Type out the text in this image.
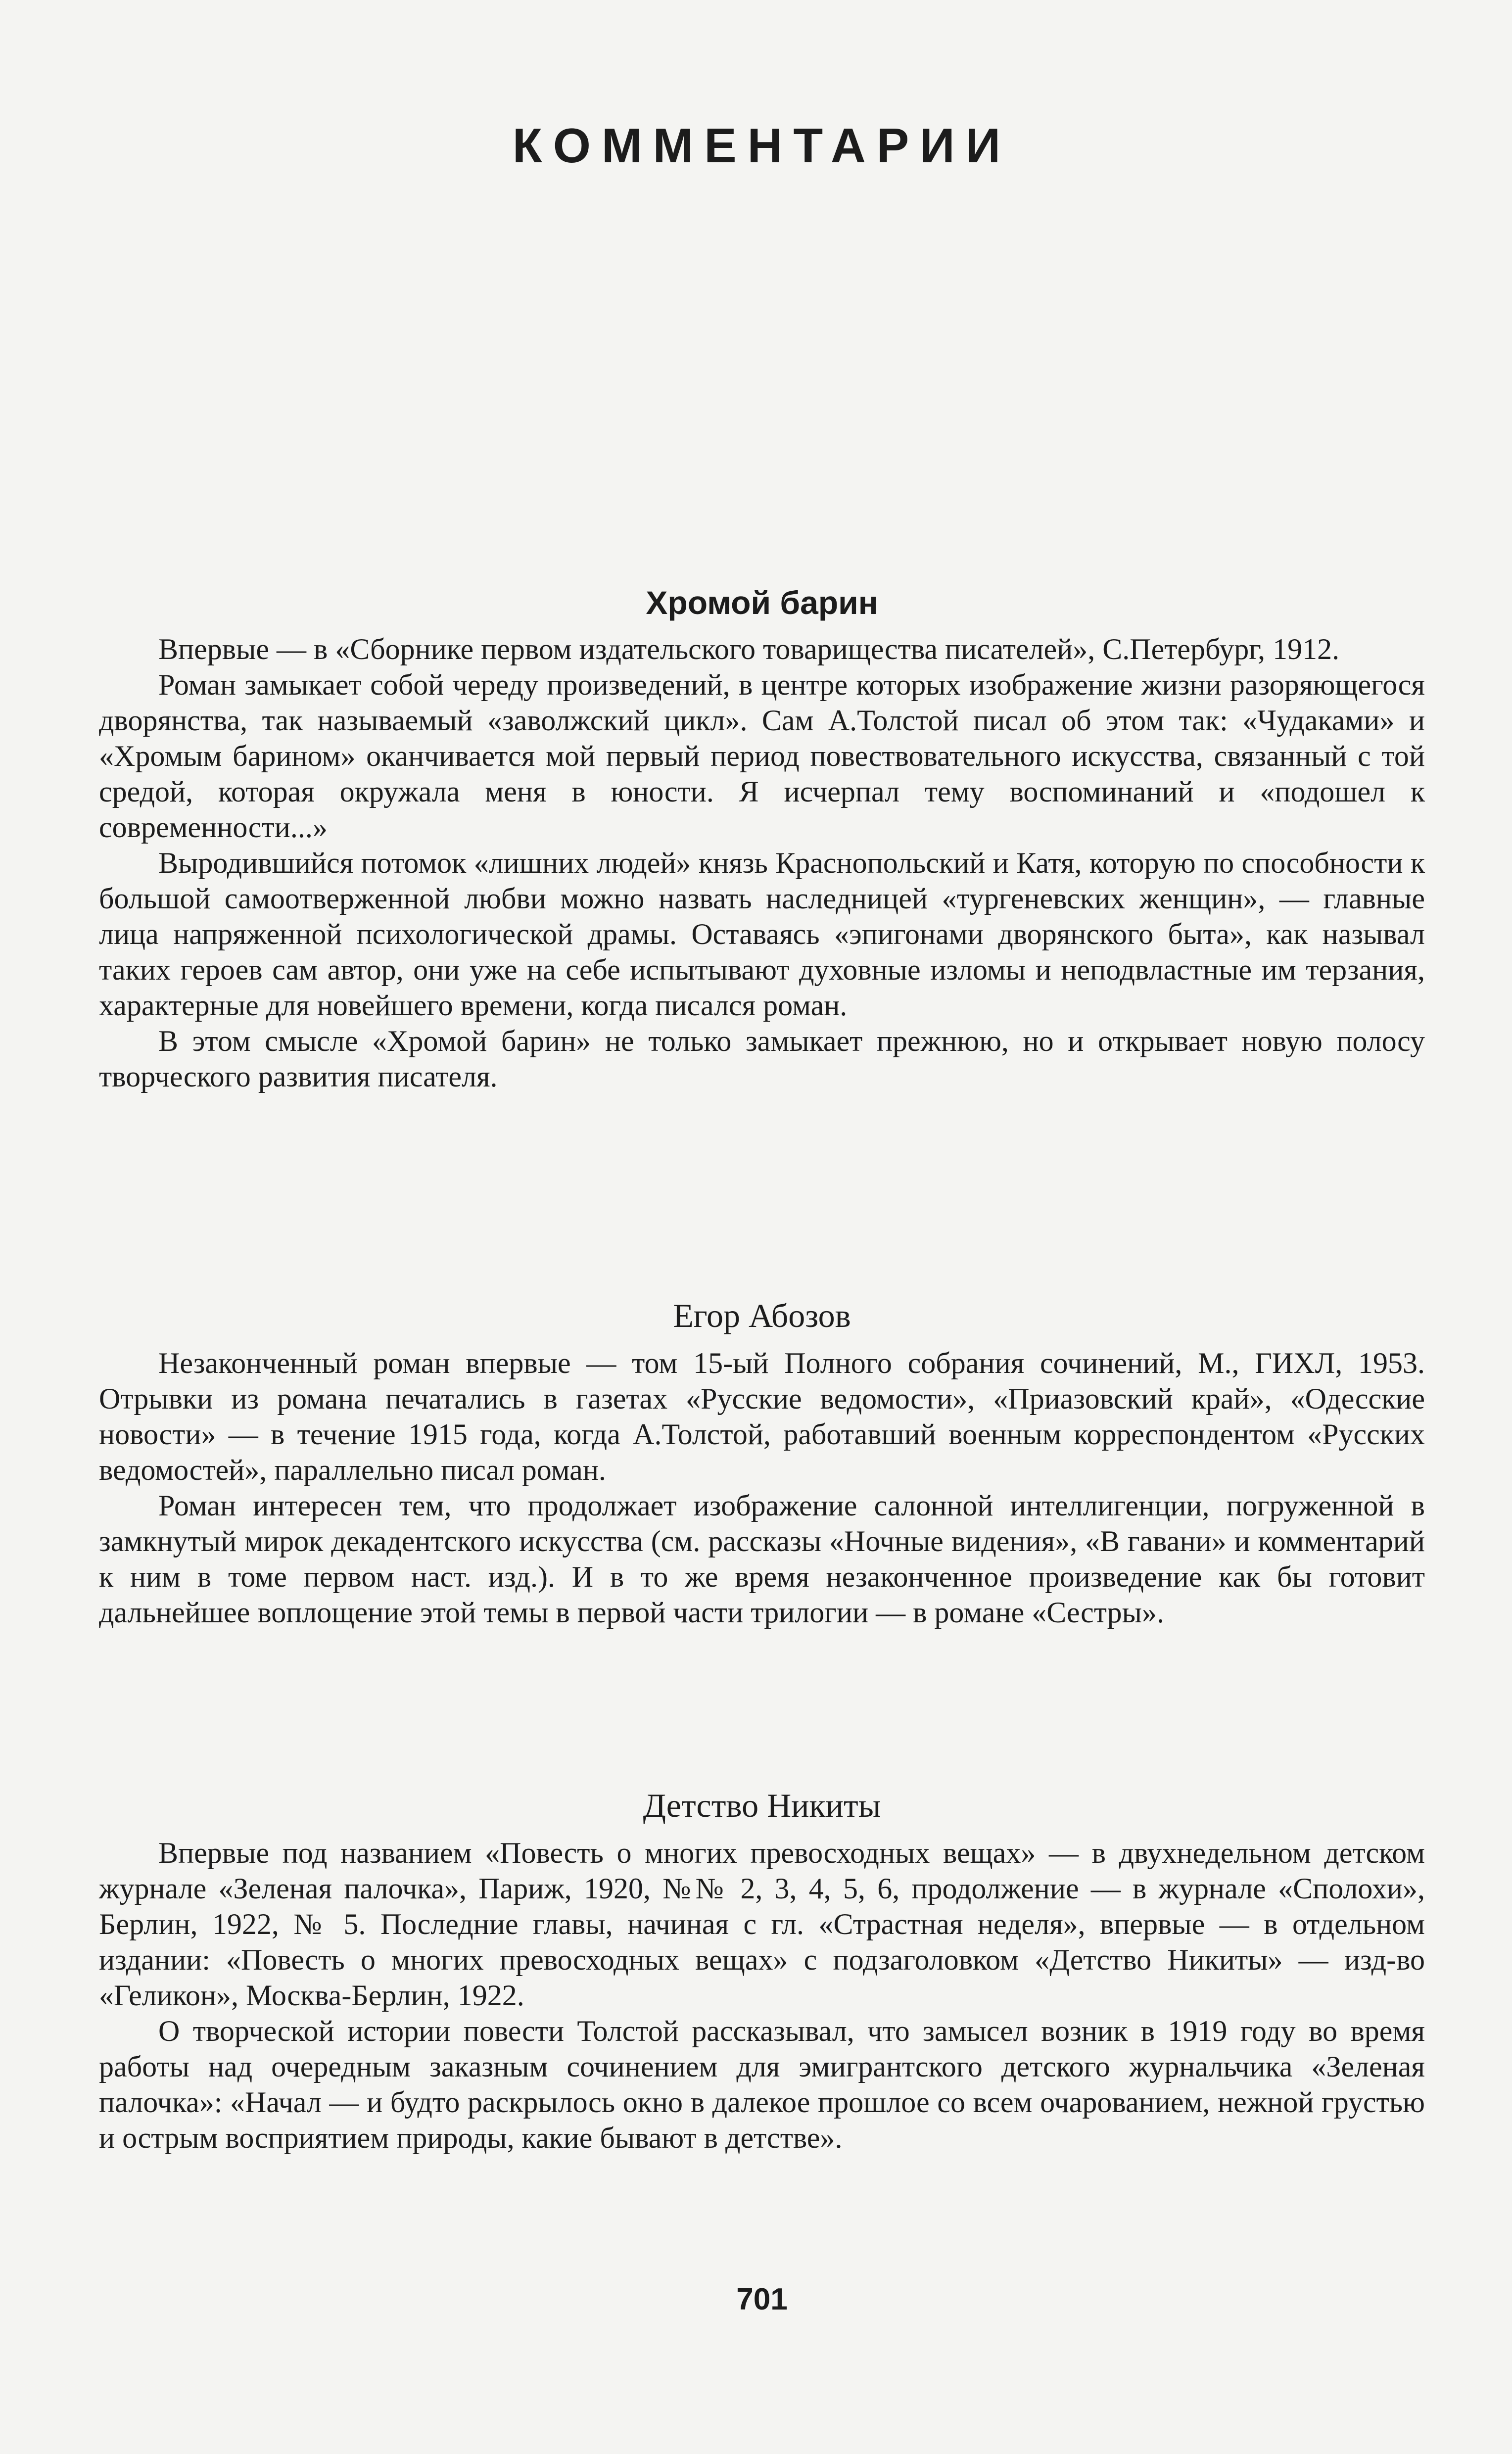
КОММЕНТАРИИ
Хромой барин

Впервые — в «Сборнике первом издательского товарищества писателей», С.Петербург, 1912.

Роман замыкает собой череду произведений, в центре которых изображение жизни разоряющегося дворянства, так называемый «заволжский цикл». Сам А.Толстой писал об этом так: «Чудаками» и «Хромым барином» оканчивается мой первый период повествовательного искусства, связанный с той средой, которая окружала меня в юности. Я исчерпал тему воспоминаний и «подошел к современности...»

Выродившийся потомок «лишних людей» князь Краснопольский и Катя, которую по способности к большой самоотверженной любви можно назвать наследницей «тургеневских женщин», — главные лица напряженной психологической драмы. Оставаясь «эпигонами дворянского быта», как называл таких героев сам автор, они уже на себе испытывают духовные изломы и неподвластные им терзания, характерные для новейшего времени, когда писался роман.

В этом смысле «Хромой барин» не только замыкает прежнюю, но и открывает новую полосу творческого развития писателя.

Егор Абозов

Незаконченный роман впервые — том 15-ый Полного собрания сочинений, М., ГИХЛ, 1953. Отрывки из романа печатались в газетах «Русские ведомости», «Приазовский край», «Одесские новости» — в течение 1915 года, когда А.Толстой, работавший военным корреспондентом «Русских ведомостей», параллельно писал роман.

Роман интересен тем, что продолжает изображение салонной интеллигенции, погруженной в замкнутый мирок декадентского искусства (см. рассказы «Ночные видения», «В гавани» и комментарий к ним в томе первом наст. изд.). И в то же время незаконченное произведение как бы готовит дальнейшее воплощение этой темы в первой части трилогии — в романе «Сестры».

Детство Никиты

Впервые под названием «Повесть о многих превосходных вещах» — в двухнедельном детском журнале «Зеленая палочка», Париж, 1920, №№ 2, 3, 4, 5, 6, продолжение — в журнале «Сполохи», Берлин, 1922, № 5. Последние главы, начиная с гл. «Страстная неделя», впервые — в отдельном издании: «Повесть о многих превосходных вещах» с подзаголовком «Детство Никиты» — изд-во «Геликон», Москва-Берлин, 1922.

О творческой истории повести Толстой рассказывал, что замысел возник в 1919 году во время работы над очередным заказным сочинением для эмигрантского детского журнальчика «Зеленая палочка»: «Начал — и будто раскрылось окно в далекое прошлое со всем очарованием, нежной грустью и острым восприятием природы, какие бывают в детстве».

701
